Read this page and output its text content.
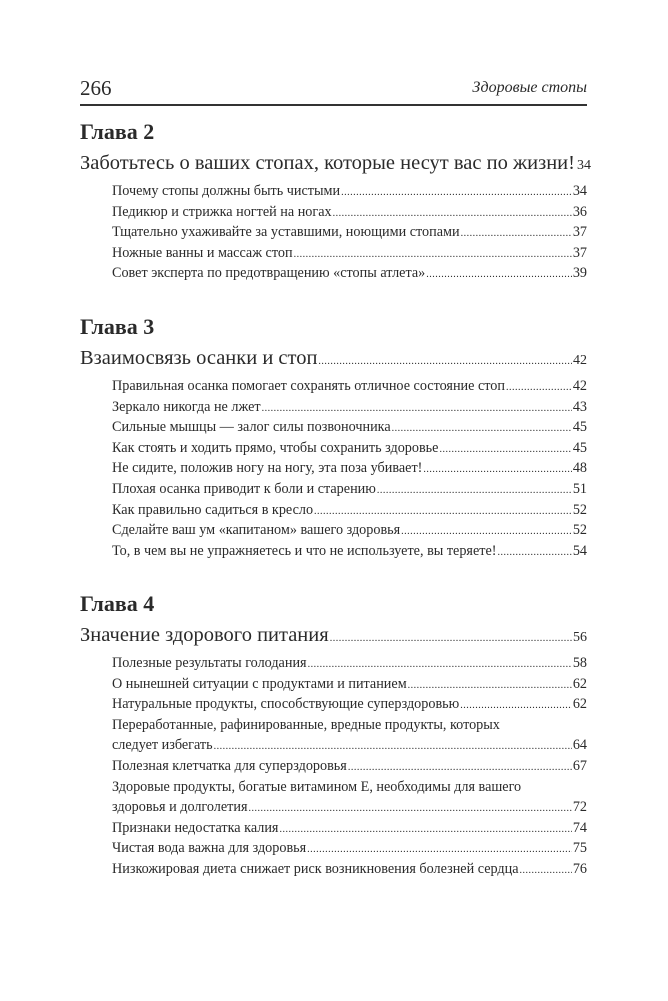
266	Здоровые стопы
Глава 2
Заботьтесь о ваших стопах, которые несут вас по жизни! 34
Почему стопы должны быть чистыми .....	34
Педикюр и стрижка ногтей на ногах .....	36
Тщательно ухаживайте за уставшими, ноющими стопами .....	37
Ножные ванны и массаж стоп .....	37
Совет эксперта по предотвращению «стопы атлета» .....	39
Глава 3
Взаимосвязь осанки и стоп .....	42
Правильная осанка помогает сохранять отличное состояние стоп .....	42
Зеркало никогда не лжет .....	43
Сильные мышцы — залог силы позвоночника .....	45
Как стоять и ходить прямо, чтобы сохранить здоровье .....	45
Не сидите, положив ногу на ногу, эта поза убивает! .....	48
Плохая осанка приводит к боли и старению .....	51
Как правильно садиться в кресло .....	52
Сделайте ваш ум «капитаном» вашего здоровья .....	52
То, в чем вы не упражняетесь и что не используете, вы теряете! .....	54
Глава 4
Значение здорового питания .....	56
Полезные результаты голодания .....	58
О нынешней ситуации с продуктами и питанием .....	62
Натуральные продукты, способствующие суперздоровью .....	62
Переработанные, рафинированные, вредные продукты, которых
следует избегать .....	64
Полезная клетчатка для суперздоровья .....	67
Здоровые продукты, богатые витамином Е, необходимы для вашего
здоровья и долголетия .....	72
Признаки недостатка калия .....	74
Чистая вода важна для здоровья .....	75
Низкожировая диета снижает риск возникновения болезней сердца .....	76
